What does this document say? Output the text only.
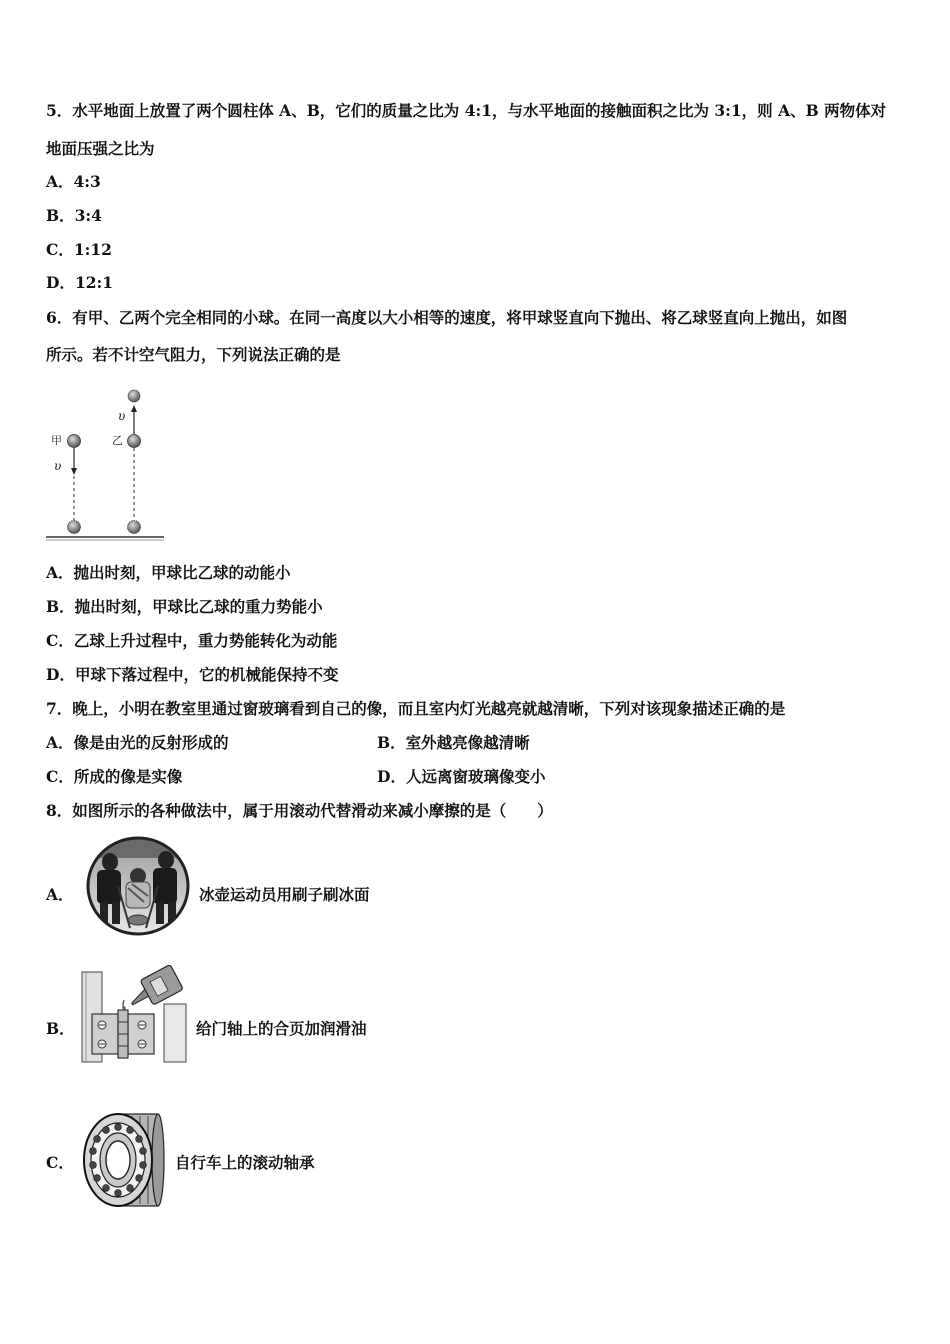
5．水平地面上放置了两个圆柱体 A、B，它们的质量之比为 4:1，与水平地面的接触面积之比为 3:1，则 A、B 两物体对
地面压强之比为
A．4:3
B．3:4
C．1:12
D．12:1
6．有甲、乙两个完全相同的小球。在同一高度以大小相等的速度，将甲球竖直向下抛出、将乙球竖直向上抛出，如图
所示。若不计空气阻力，下列说法正确的是
甲
υ
υ
乙
A．抛出时刻，甲球比乙球的动能小
B．抛出时刻，甲球比乙球的重力势能小
C．乙球上升过程中，重力势能转化为动能
D．甲球下落过程中，它的机械能保持不变
7．晚上，小明在教室里通过窗玻璃看到自己的像，而且室内灯光越亮就越清晰，下列对该现象描述正确的是
A．像是由光的反射形成的	B．室外越亮像越清晰
C．所成的像是实像	D．人远离窗玻璃像变小
8．如图所示的各种做法中，属于用滚动代替滑动来减小摩擦的是（　　）
A．	冰壶运动员用刷子刷冰面
B．	给门轴上的合页加润滑油
C．	自行车上的滚动轴承
